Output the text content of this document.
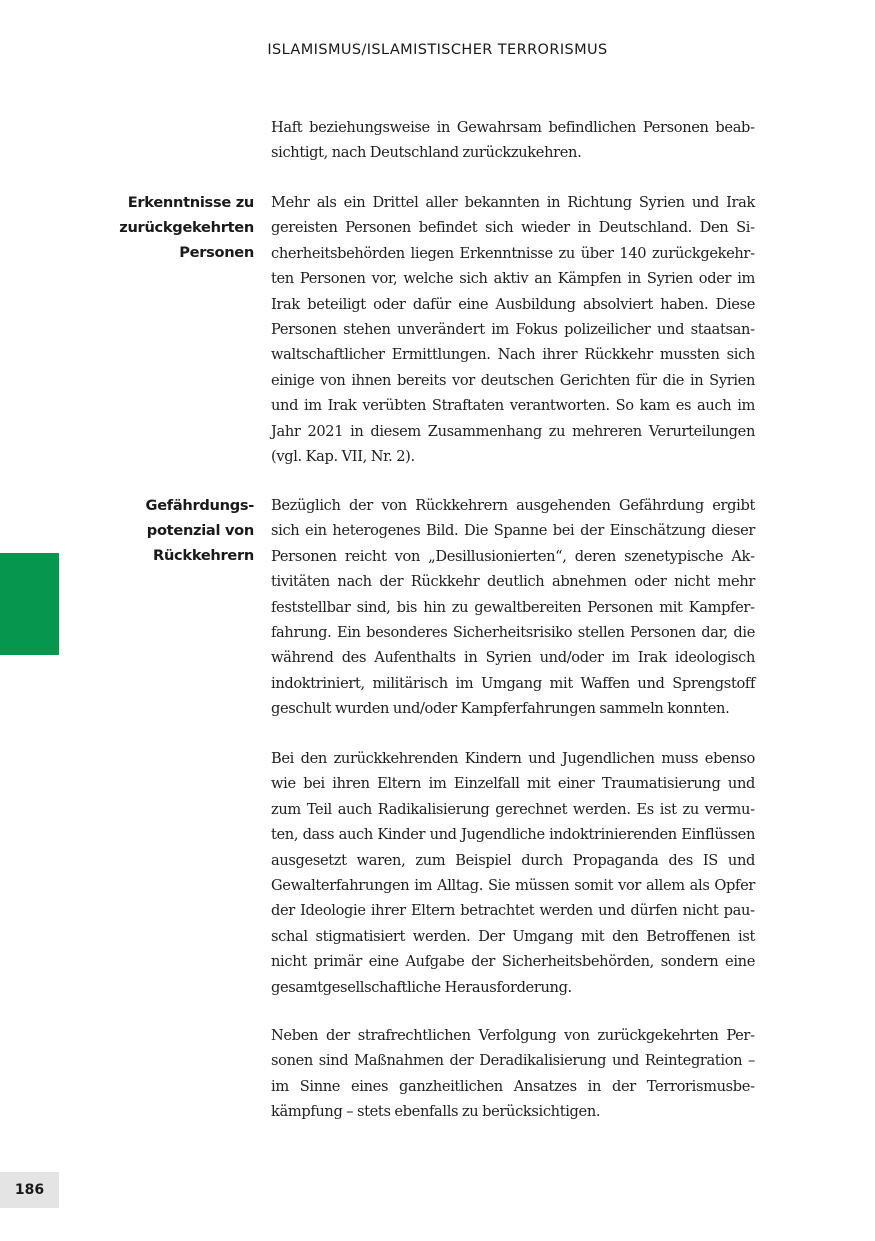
ISLAMISMUS/ISLAMISTISCHER TERRORISMUS

Haft beziehungsweise in Gewahrsam befindlichen Personen beabsichtigt, nach Deutschland zurückzukehren.

Erkenntnisse zu
zurückgekehrten
Personen

Mehr als ein Drittel aller bekannten in Richtung Syrien und Irak gereisten Personen befindet sich wieder in Deutschland. Den Sicherheitsbehörden liegen Erkenntnisse zu über 140 zurückgekehrten Personen vor, welche sich aktiv an Kämpfen in Syrien oder im Irak beteiligt oder dafür eine Ausbildung absolviert haben. Diese Personen stehen unverändert im Fokus polizeilicher und staatsanwaltschaftlicher Ermittlungen. Nach ihrer Rückkehr mussten sich einige von ihnen bereits vor deutschen Gerichten für die in Syrien und im Irak verübten Straftaten verantworten. So kam es auch im Jahr 2021 in diesem Zusammenhang zu mehreren Verurteilungen (vgl. Kap. VII, Nr. 2).

Gefährdungs-
potenzial von
Rückkehrern

Bezüglich der von Rückkehrern ausgehenden Gefährdung ergibt sich ein heterogenes Bild. Die Spanne bei der Einschätzung dieser Personen reicht von „Desillusionierten“, deren szenetypische Aktivitäten nach der Rückkehr deutlich abnehmen oder nicht mehr feststellbar sind, bis hin zu gewaltbereiten Personen mit Kampferfahrung. Ein besonderes Sicherheitsrisiko stellen Personen dar, die während des Aufenthalts in Syrien und/oder im Irak ideologisch indoktriniert, militärisch im Umgang mit Waffen und Sprengstoff geschult wurden und/oder Kampferfahrungen sammeln konnten.

Bei den zurückkehrenden Kindern und Jugendlichen muss ebenso wie bei ihren Eltern im Einzelfall mit einer Traumatisierung und zum Teil auch Radikalisierung gerechnet werden. Es ist zu vermuten, dass auch Kinder und Jugendliche indoktrinierenden Einflüssen ausgesetzt waren, zum Beispiel durch Propaganda des IS und Gewalterfahrungen im Alltag. Sie müssen somit vor allem als Opfer der Ideologie ihrer Eltern betrachtet werden und dürfen nicht pauschal stigmatisiert werden. Der Umgang mit den Betroffenen ist nicht primär eine Aufgabe der Sicherheitsbehörden, sondern eine gesamtgesellschaftliche Herausforderung.

Neben der strafrechtlichen Verfolgung von zurückgekehrten Personen sind Maßnahmen der Deradikalisierung und Reintegration – im Sinne eines ganzheitlichen Ansatzes in der Terrorismusbekämpfung – stets ebenfalls zu berücksichtigen.

186
